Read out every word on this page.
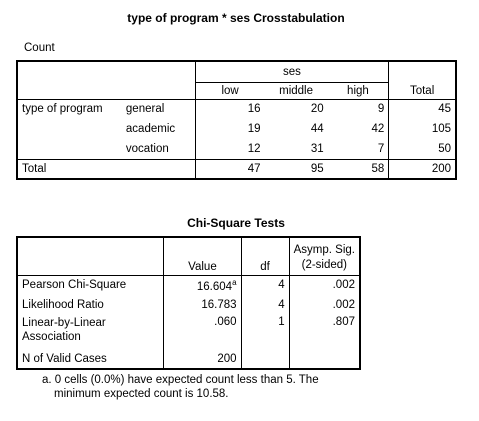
type of program * ses Crosstabulation
Count
		ses			Total
		low	middle	high	
type of program	general	16	20	9	45
	academic	19	44	42	105
	vocation	12	31	7	50
Total		47	95	58	200
Chi-Square Tests
	Value	df	Asymp. Sig.
(2-sided)

Pearson Chi-Square	16.604$^a$	4	.002
Likelihood Ratio	16.783	4	.002

Linear-by-Linear
Association	.060	1	.807
N of Valid Cases	200		
a. 0 cells (0.0%) have expected count less than 5. The
minimum expected count is 10.58.
